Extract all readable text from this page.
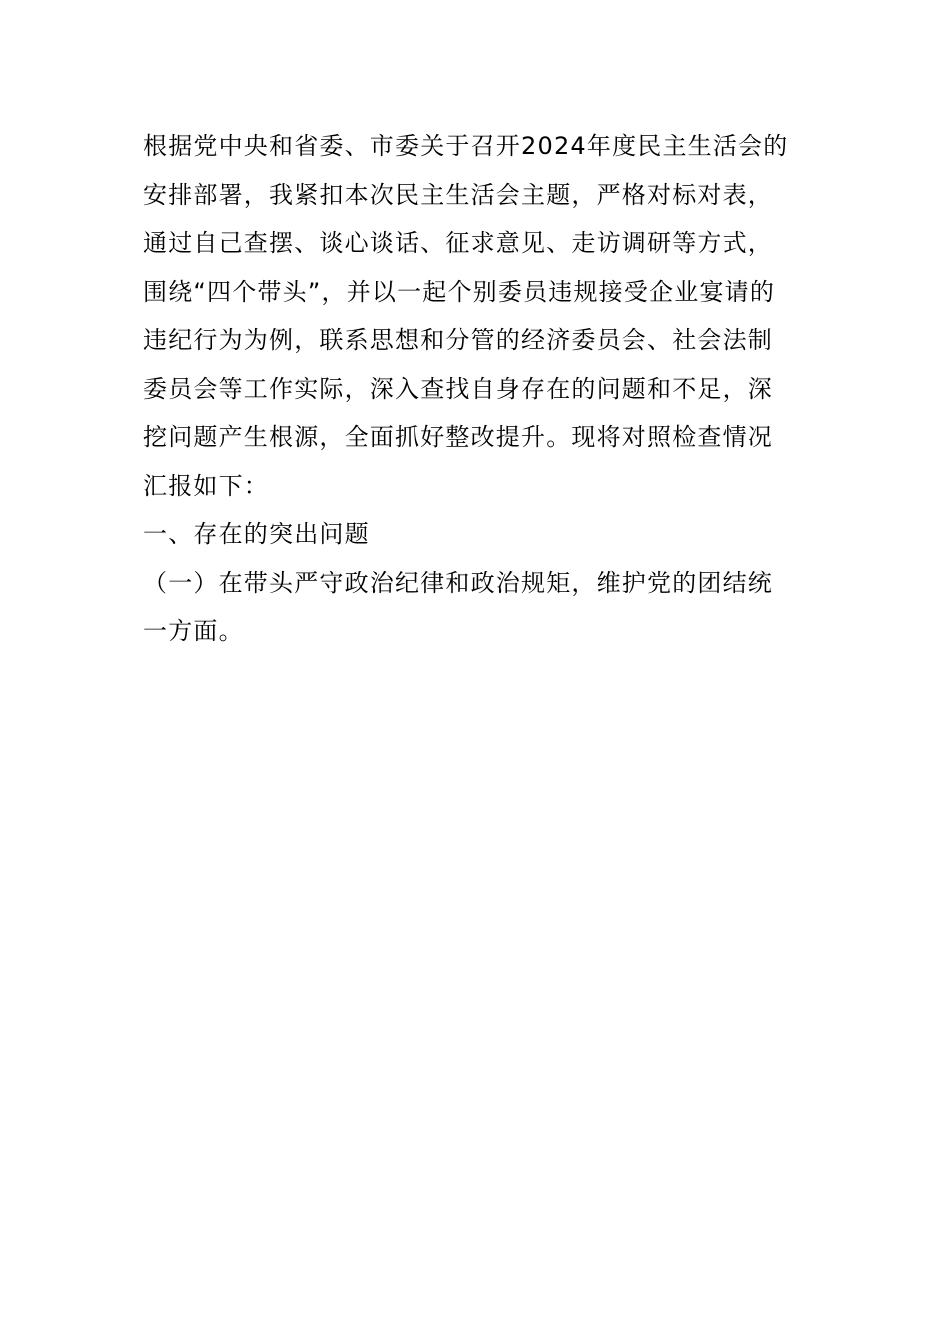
根据党中央和省委、市委关于召开2024年度民主生活会的
安排部署，我紧扣本次民主生活会主题，严格对标对表，
通过自己查摆、谈心谈话、征求意见、走访调研等方式，
围绕“四个带头”，并以一起个别委员违规接受企业宴请的
违纪行为为例，联系思想和分管的经济委员会、社会法制
委员会等工作实际，深入查找自身存在的问题和不足，深
挖问题产生根源，全面抓好整改提升。现将对照检查情况
汇报如下：
一、存在的突出问题
（一）在带头严守政治纪律和政治规矩，维护党的团结统
一方面。
